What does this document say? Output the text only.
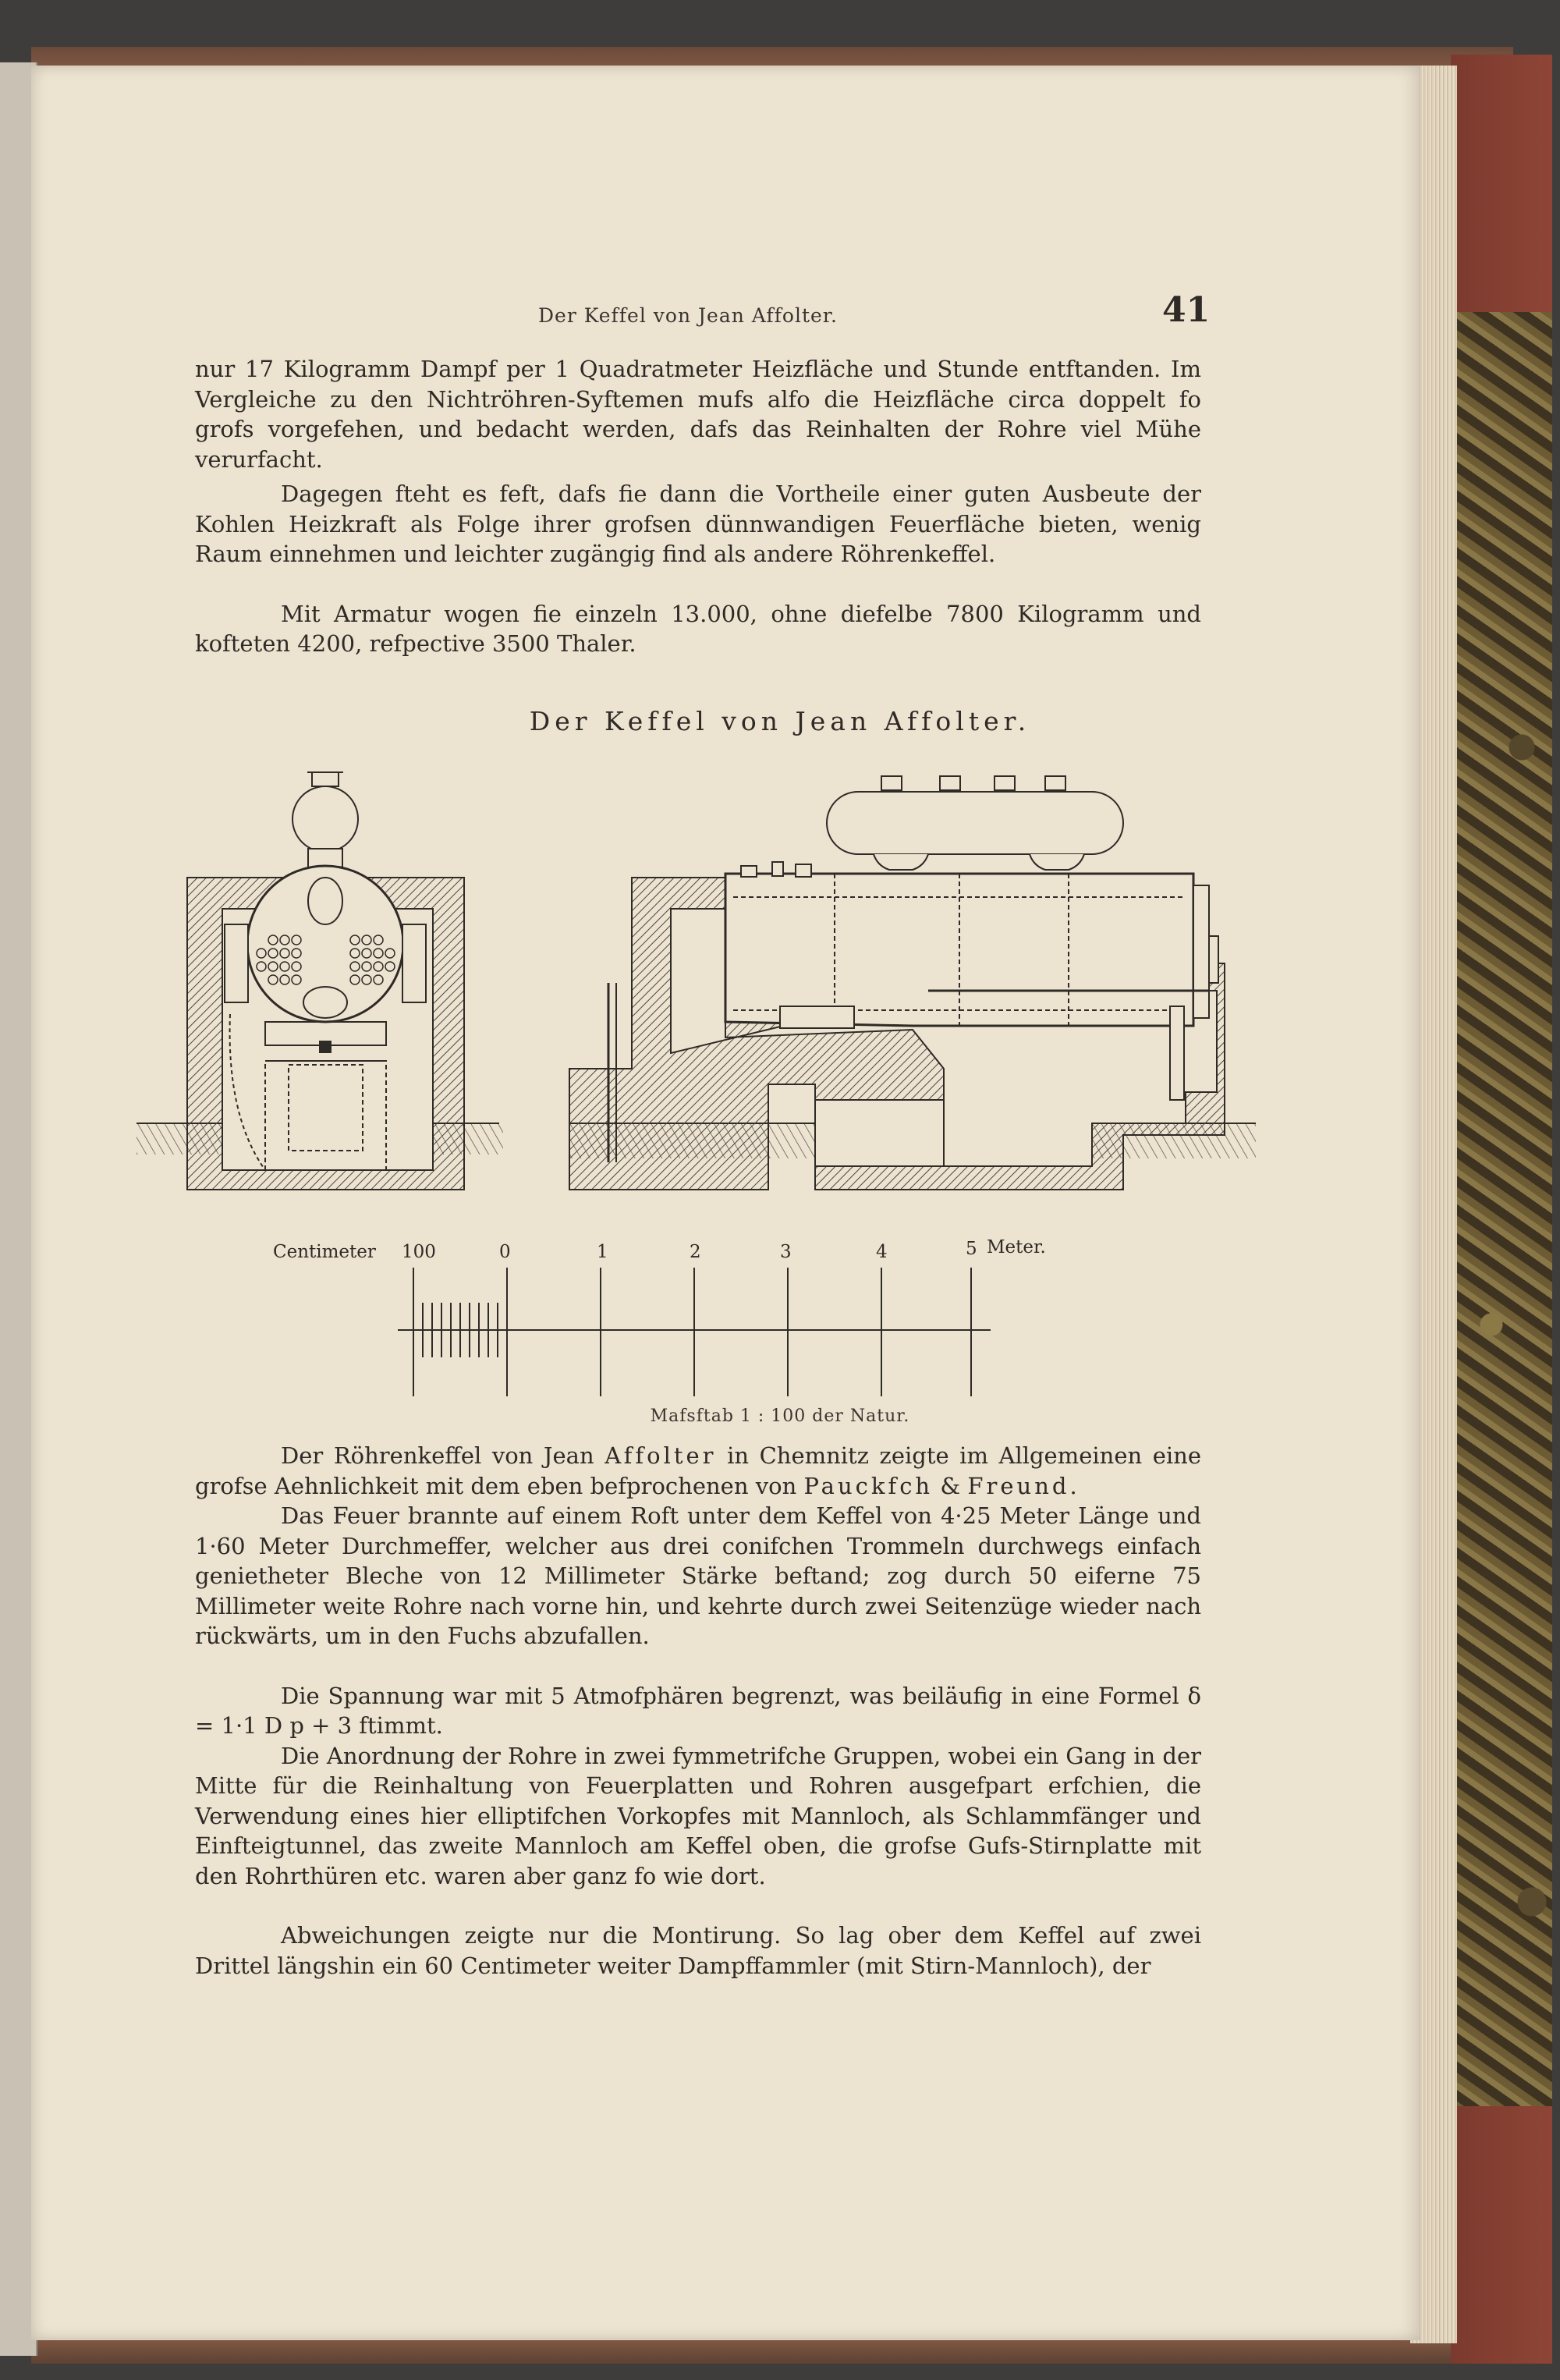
Der Keffel von Jean Affolter.	41

nur 17 Kilogramm Dampf per 1 Quadratmeter Heizfläche und Stunde entftanden. Im Vergleiche zu den Nichtröhren-Syftemen mufs alfo die Heizfläche circa doppelt fo grofs vorgefehen, und bedacht werden, dafs das Reinhalten der Rohre viel Mühe verurfacht.

Dagegen fteht es feft, dafs fie dann die Vortheile einer guten Ausbeute der Kohlen Heizkraft als Folge ihrer grofsen dünnwandigen Feuerfläche bieten, wenig Raum einnehmen und leichter zugängig find als andere Röhrenkeffel.

Mit Armatur wogen fie einzeln 13.000, ohne diefelbe 7800 Kilogramm und kofteten 4200, refpective 3500 Thaler.

Der Keffel von Jean Affolter.
Centimeter 100	0	1	2	3	4	5 Meter.
Mafsftab 1 : 100 der Natur.

Der Röhrenkeffel von Jean Affolter in Chemnitz zeigte im Allgemeinen eine grofse Aehnlichkeit mit dem eben befprochenen von Pauckfch & Freund.

Das Feuer brannte auf einem Roft unter dem Keffel von 4·25 Meter Länge und 1·60 Meter Durchmeffer, welcher aus drei conifchen Trommeln durchwegs einfach genietheter Bleche von 12 Millimeter Stärke beftand; zog durch 50 eiferne 75 Millimeter weite Rohre nach vorne hin, und kehrte durch zwei Seitenzüge wieder nach rückwärts, um in den Fuchs abzufallen.

Die Spannung war mit 5 Atmofphären begrenzt, was beiläufig in eine Formel δ = 1·1 D p + 3 ftimmt.

Die Anordnung der Rohre in zwei fymmetrifche Gruppen, wobei ein Gang in der Mitte für die Reinhaltung von Feuerplatten und Rohren ausgefpart erfchien, die Verwendung eines hier elliptifchen Vorkopfes mit Mannloch, als Schlammfänger und Einfteigtunnel, das zweite Mannloch am Keffel oben, die grofse Gufs-Stirnplatte mit den Rohrthüren etc. waren aber ganz fo wie dort.

Abweichungen zeigte nur die Montirung. So lag ober dem Keffel auf zwei Drittel längshin ein 60 Centimeter weiter Dampffammler (mit Stirn-Mannloch), der
